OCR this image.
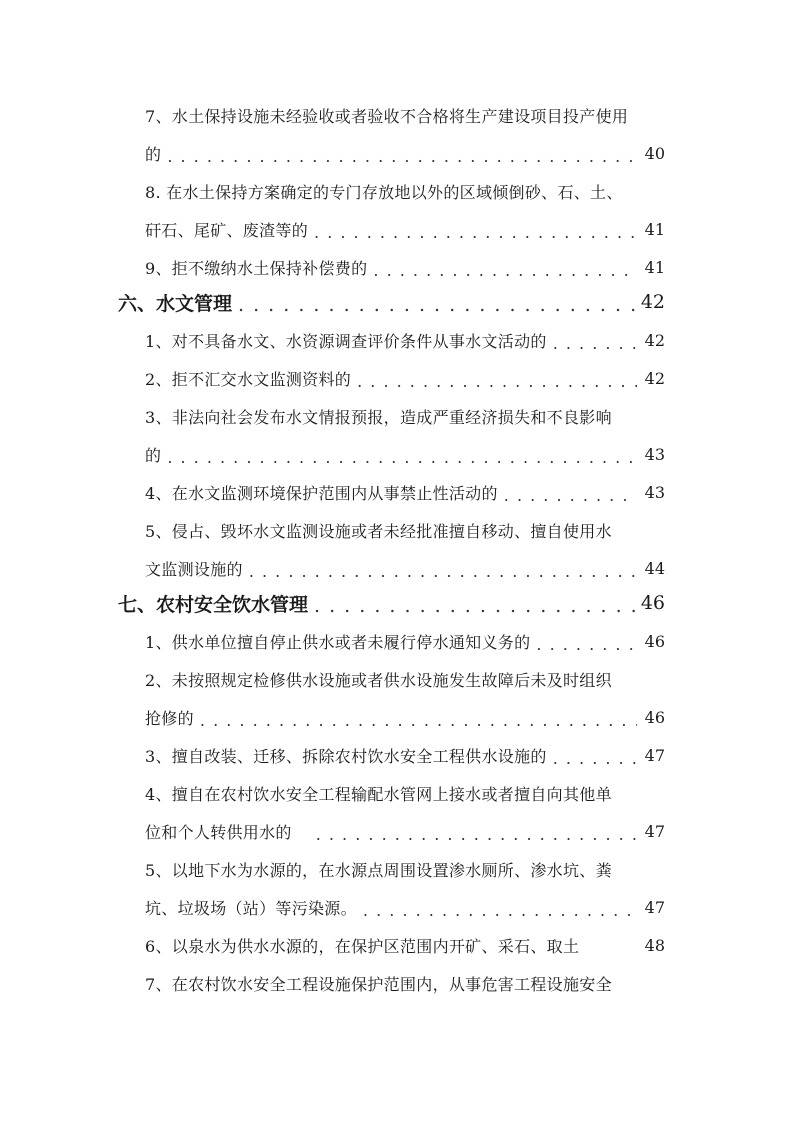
7、水土保持设施未经验收或者验收不合格将生产建设项目投产使用
的 . . .	40
8. 在水土保持方案确定的专门存放地以外的区域倾倒砂、石、土、
矸石、尾矿、废渣等的 . . .	41
9、拒不缴纳水土保持补偿费的 . . .	41
六、水文管理 . . .	42
1、对不具备水文、水资源调查评价条件从事水文活动的 . . .	42
2、拒不汇交水文监测资料的 . . .	42
3、非法向社会发布水文情报预报，造成严重经济损失和不良影响
的 . . .	43
4、在水文监测环境保护范围内从事禁止性活动的 . . .	43
5、侵占、毁坏水文监测设施或者未经批准擅自移动、擅自使用水
文监测设施的 . . .	44
七、农村安全饮水管理 . . .	46
1、供水单位擅自停止供水或者未履行停水通知义务的 . . .	46
2、未按照规定检修供水设施或者供水设施发生故障后未及时组织
抢修的 . . .	46
3、擅自改装、迁移、拆除农村饮水安全工程供水设施的 . . .	47
4、擅自在农村饮水安全工程输配水管网上接水或者擅自向其他单
位和个人转供用水的 . . .	47
5、以地下水为水源的，在水源点周围设置渗水厕所、渗水坑、粪
坑、垃圾场（站）等污染源。 . . .	47
6、以泉水为供水水源的，在保护区范围内开矿、采石、取土	48
7、在农村饮水安全工程设施保护范围内，从事危害工程设施安全
